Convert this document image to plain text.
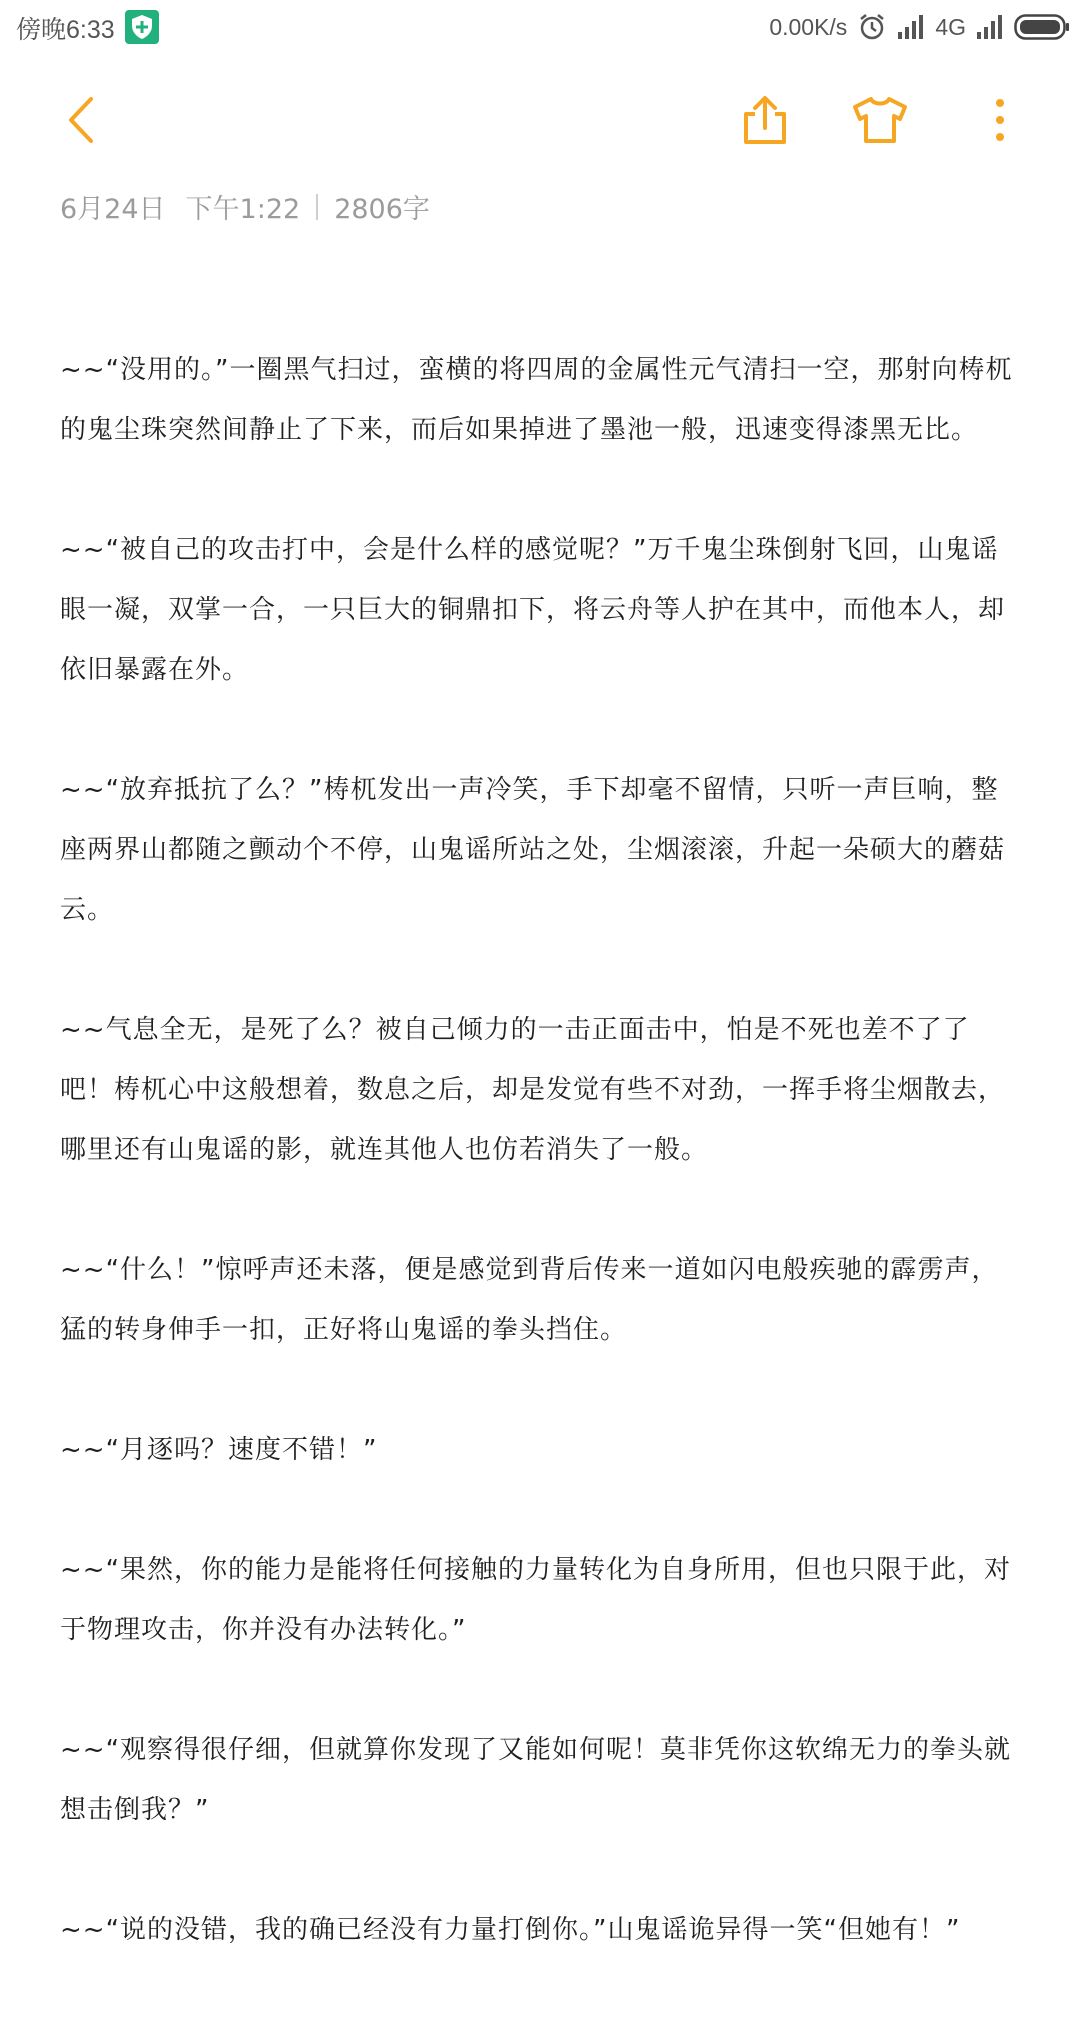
傍晚6:33	0.00K/s	4G
6月24日 下午1:22 2806字

~~“没用的。”一圈黑气扫过，蛮横的将四周的金属性元气清扫一空，那射向梼杌的鬼尘珠突然间静止了下来，而后如果掉进了墨池一般，迅速变得漆黑无比。

~~“被自己的攻击打中，会是什么样的感觉呢？”万千鬼尘珠倒射飞回，山鬼谣眼一凝，双掌一合，一只巨大的铜鼎扣下，将云舟等人护在其中，而他本人，却依旧暴露在外。

~~“放弃抵抗了么？”梼杌发出一声冷笑，手下却毫不留情，只听一声巨响，整座两界山都随之颤动个不停，山鬼谣所站之处，尘烟滚滚，升起一朵硕大的蘑菇云。

~~气息全无，是死了么？被自己倾力的一击正面击中，怕是不死也差不了了吧！梼杌心中这般想着，数息之后，却是发觉有些不对劲，一挥手将尘烟散去，哪里还有山鬼谣的影，就连其他人也仿若消失了一般。

~~“什么！”惊呼声还未落，便是感觉到背后传来一道如闪电般疾驰的霹雳声，猛的转身伸手一扣，正好将山鬼谣的拳头挡住。

~~“月逐吗？速度不错！”

~~“果然，你的能力是能将任何接触的力量转化为自身所用，但也只限于此，对于物理攻击，你并没有办法转化。”

~~“观察得很仔细，但就算你发现了又能如何呢！莫非凭你这软绵无力的拳头就想击倒我？”

~~“说的没错，我的确已经没有力量打倒你。”山鬼谣诡异得一笑“但她有！”
